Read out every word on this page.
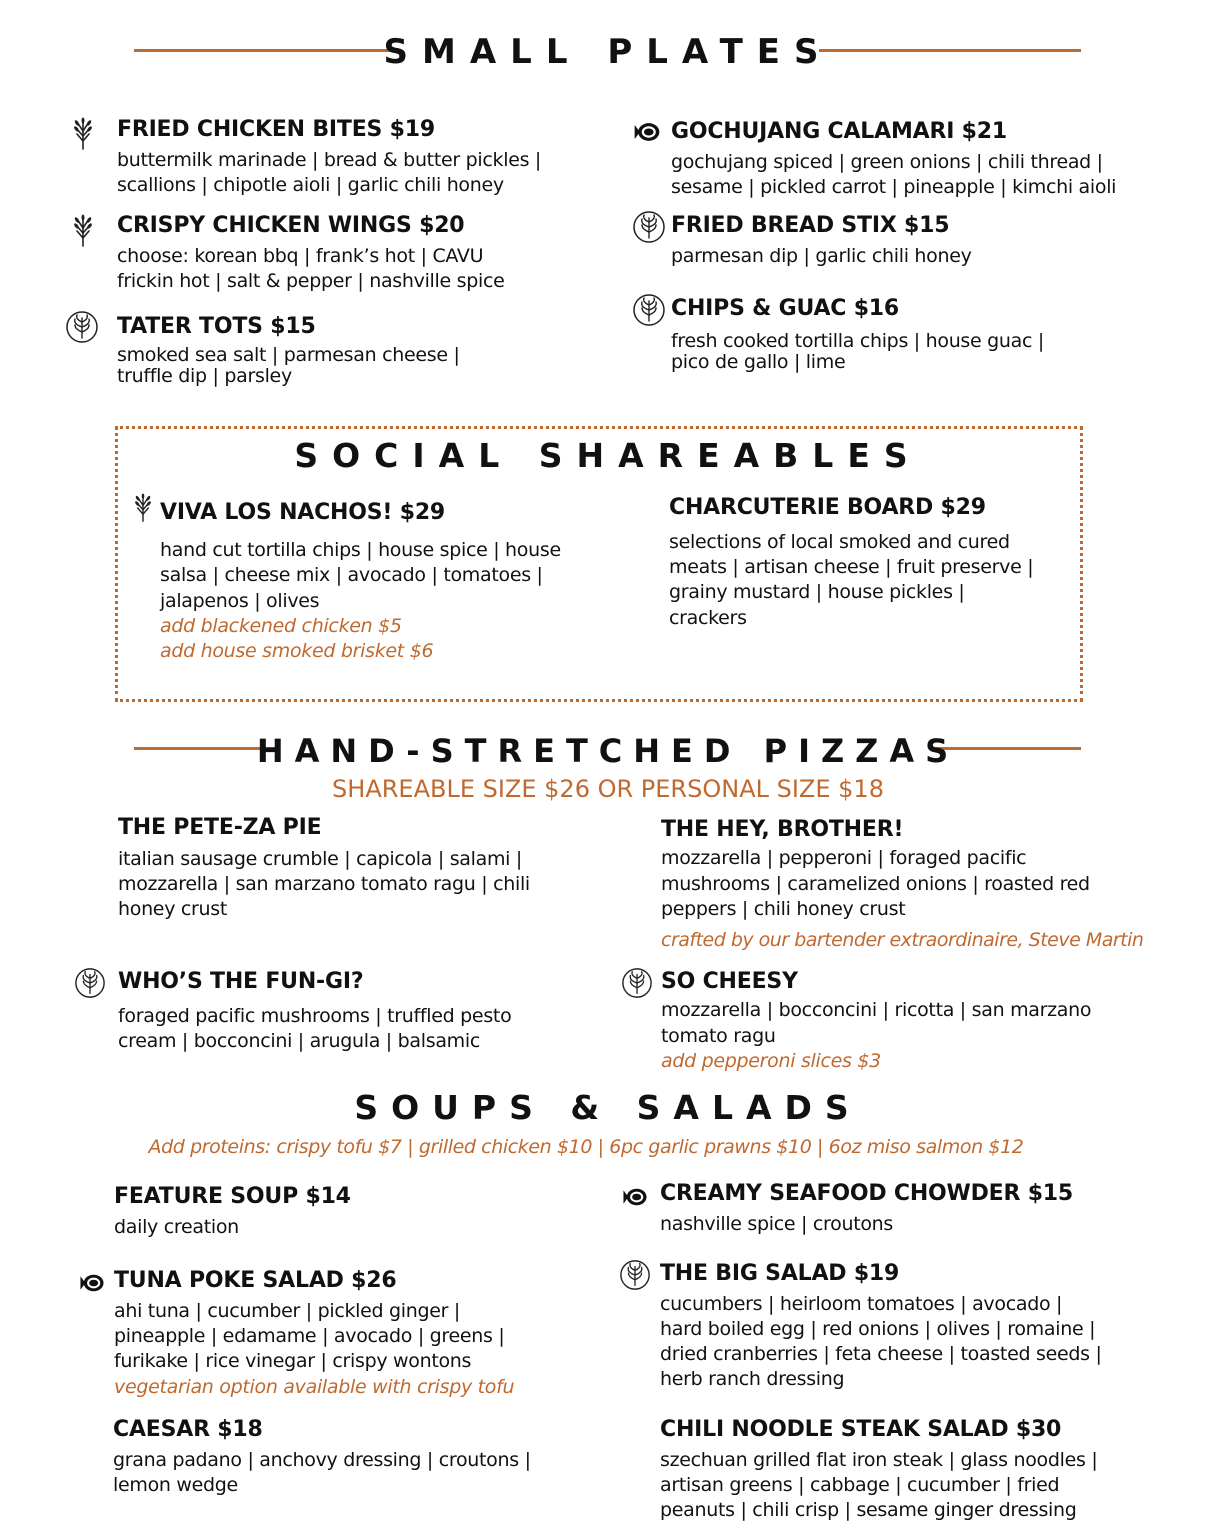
SMALL PLATES
FRIED CHICKEN BITES $19
buttermilk marinade | bread & butter pickles |
scallions | chipotle aioli | garlic chili honey
CRISPY CHICKEN WINGS $20
choose: korean bbq | frank’s hot | CAVU
frickin hot | salt & pepper | nashville spice
TATER TOTS $15
smoked sea salt | parmesan cheese |
truffle dip | parsley
GOCHUJANG CALAMARI $21
gochujang spiced | green onions | chili thread |
sesame | pickled carrot | pineapple | kimchi aioli
FRIED BREAD STIX $15
parmesan dip | garlic chili honey
CHIPS & GUAC $16
fresh cooked tortilla chips | house guac |
pico de gallo | lime
SOCIAL SHAREABLES
VIVA LOS NACHOS! $29
hand cut tortilla chips | house spice | house
salsa | cheese mix | avocado | tomatoes |
jalapenos | olives
add blackened chicken $5
add house smoked brisket $6
CHARCUTERIE BOARD $29
selections of local smoked and cured
meats | artisan cheese | fruit preserve |
grainy mustard | house pickles |
crackers
HAND-STRETCHED PIZZAS
SHAREABLE SIZE $26 OR PERSONAL SIZE $18
THE PETE-ZA PIE
italian sausage crumble | capicola | salami |
mozzarella | san marzano tomato ragu | chili
honey crust
THE HEY, BROTHER!
mozzarella | pepperoni | foraged pacific
mushrooms | caramelized onions | roasted red
peppers | chili honey crust
crafted by our bartender extraordinaire, Steve Martin
WHO’S THE FUN-GI?
foraged pacific mushrooms | truffled pesto
cream | bocconcini | arugula | balsamic
SO CHEESY
mozzarella | bocconcini | ricotta | san marzano
tomato ragu
add pepperoni slices $3
SOUPS & SALADS
Add proteins: crispy tofu $7 | grilled chicken $10 | 6pc garlic prawns $10 | 6oz miso salmon $12
FEATURE SOUP $14
daily creation
TUNA POKE SALAD $26
ahi tuna | cucumber | pickled ginger |
pineapple | edamame | avocado | greens |
furikake | rice vinegar | crispy wontons
vegetarian option available with crispy tofu
CAESAR $18
grana padano | anchovy dressing | croutons |
lemon wedge
CREAMY SEAFOOD CHOWDER $15
nashville spice | croutons
THE BIG SALAD $19
cucumbers | heirloom tomatoes | avocado |
hard boiled egg | red onions | olives | romaine |
dried cranberries | feta cheese | toasted seeds |
herb ranch dressing
CHILI NOODLE STEAK SALAD $30
szechuan grilled flat iron steak | glass noodles |
artisan greens | cabbage | cucumber | fried
peanuts | chili crisp | sesame ginger dressing
